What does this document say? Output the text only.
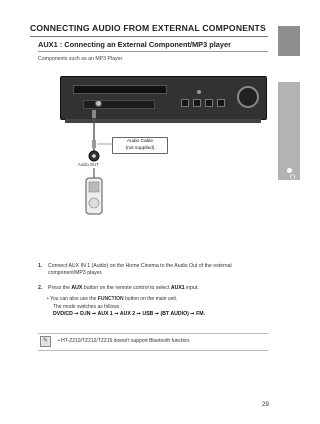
ENG
CONNECTIONS
CONNECTING AUDIO FROM EXTERNAL COMPONENTS
AUX1 : Connecting an External Component/MP3 player
Components such as an MP3 Player.
Audio Cable
(not supplied)
Audio OUT
1. Connect AUX IN 1 (Audio) on the Home Cinema to the Audio Out of the external component/MP3 player.
2. Press the AUX button on the remote control to select AUX1 input.
• You can also use the FUNCTION button on the main unit.
The mode switches as follows :
DVD/CD ➞ D.IN ➞ AUX 1 ➞ AUX 2 ➞ USB ➞ (BT AUDIO) ➞ FM.
✎	• HT-Z210/TZ212/TZ215 doesn't support Bluetooth function.
29
